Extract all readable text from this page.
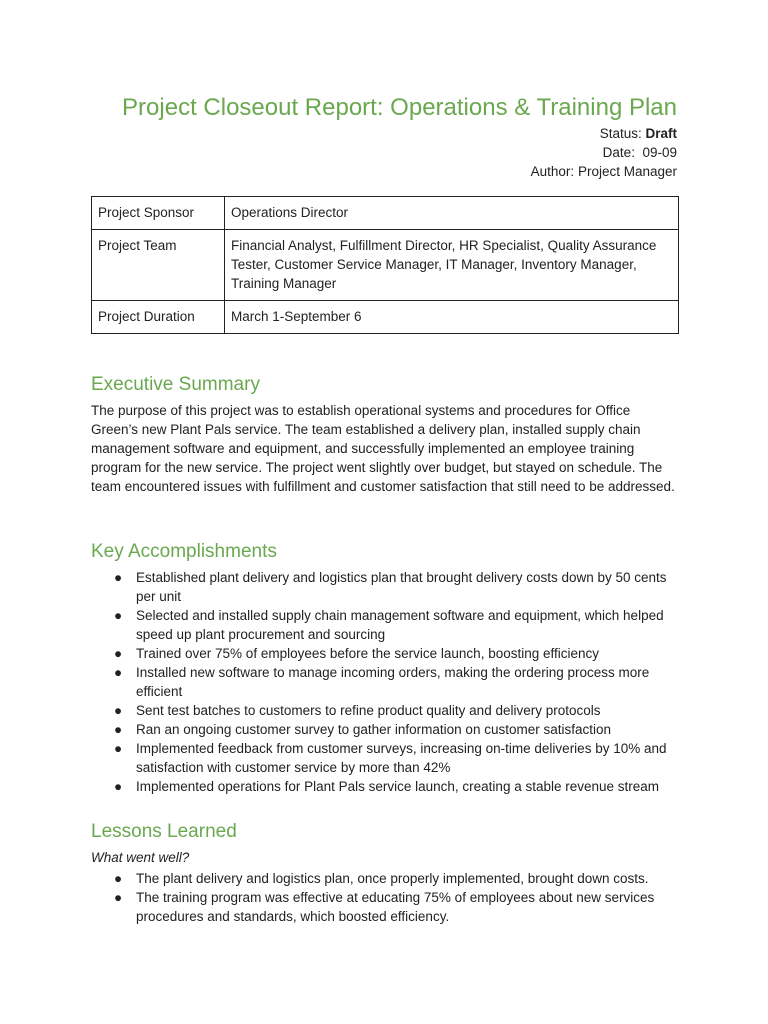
Project Closeout Report: Operations & Training Plan
Status: Draft
Date: 09-09
Author: Project Manager
Project Sponsor	Operations Director
Project Team	Financial Analyst, Fulfillment Director, HR Specialist, Quality Assurance Tester, Customer Service Manager, IT Manager, Inventory Manager, Training Manager
Project Duration	March 1-September 6
Executive Summary

The purpose of this project was to establish operational systems and procedures for Office Green’s new Plant Pals service. The team established a delivery plan, installed supply chain management software and equipment, and successfully implemented an employee training program for the new service. The project went slightly over budget, but stayed on schedule. The team encountered issues with fulfillment and customer satisfaction that still need to be addressed.

Key Accomplishments
● Established plant delivery and logistics plan that brought delivery costs down by 50 cents per unit
● Selected and installed supply chain management software and equipment, which helped speed up plant procurement and sourcing
● Trained over 75% of employees before the service launch, boosting efficiency
● Installed new software to manage incoming orders, making the ordering process more efficient
● Sent test batches to customers to refine product quality and delivery protocols
● Ran an ongoing customer survey to gather information on customer satisfaction
● Implemented feedback from customer surveys, increasing on-time deliveries by 10% and satisfaction with customer service by more than 42%
● Implemented operations for Plant Pals service launch, creating a stable revenue stream
Lessons Learned
What went well?
● The plant delivery and logistics plan, once properly implemented, brought down costs.
● The training program was effective at educating 75% of employees about new services procedures and standards, which boosted efficiency.
